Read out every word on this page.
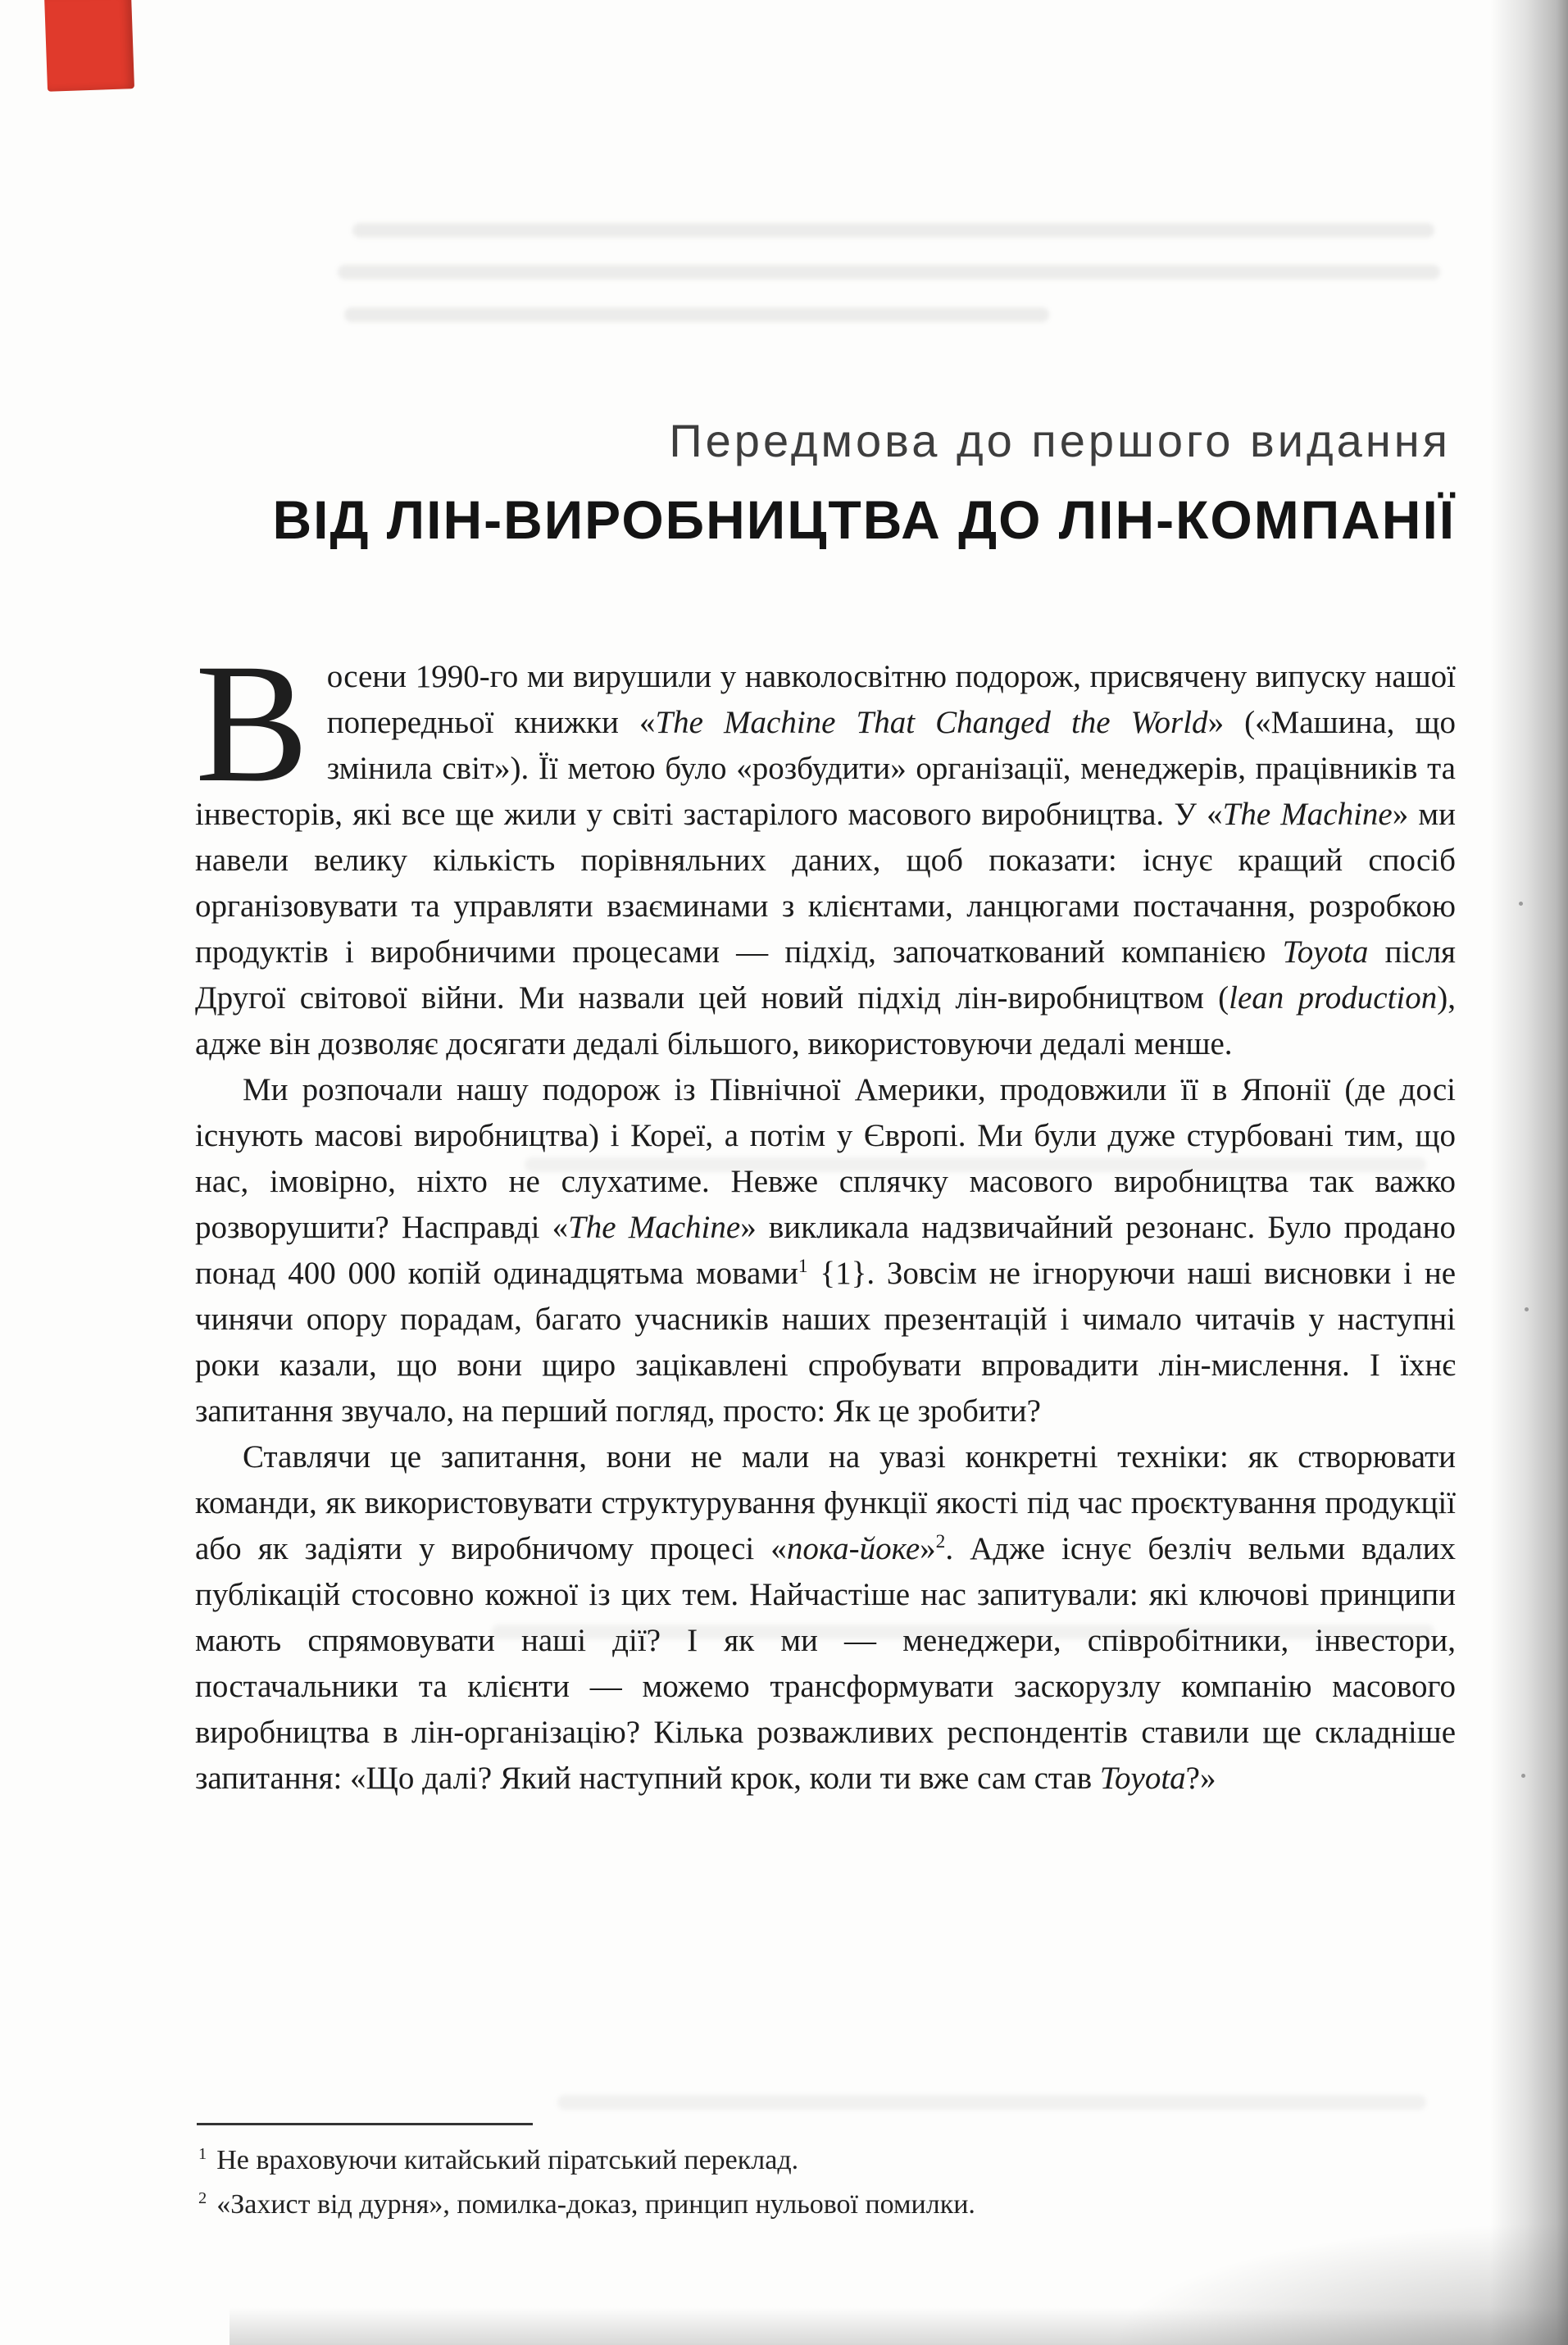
Передмова до першого видання
ВІД ЛІН-ВИРОБНИЦТВА ДО ЛІН-КОМПАНІЇ

Восени 1990-го ми вирушили у навколосвітню подорож, присвячену випуску нашої попередньої книжки «The Machine That Changed the World» («Машина, що змінила світ»). Її метою було «розбудити» організації, менеджерів, працівників та інвесторів, які все ще жили у світі застарілого масового виробництва. У «The Machine» ми навели велику кількість порівняльних даних, щоб показати: існує кращий спосіб організовувати та управляти взаєминами з клієнтами, ланцюгами постачання, розробкою продуктів і виробничими процесами — підхід, започаткований компанією Toyota після Другої світової війни. Ми назвали цей новий підхід лін-виробництвом (lean production), адже він дозволяє досягати дедалі більшого, використовуючи дедалі менше.

Ми розпочали нашу подорож із Північної Америки, продовжили її в Японії (де досі існують масові виробництва) і Кореї, а потім у Європі. Ми були дуже стурбовані тим, що нас, імовірно, ніхто не слухатиме. Невже сплячку масового виробництва так важко розворушити? Насправді «The Machine» викликала надзвичайний резонанс. Було продано понад 400 000 копій одинадцятьма мовами$^1$ {1}. Зовсім не ігноруючи наші висновки і не чинячи опору порадам, багато учасників наших презентацій і чимало читачів у наступні роки казали, що вони щиро зацікавлені спробувати впровадити лін-мислення. І їхнє запитання звучало, на перший погляд, просто: Як це зробити?

Ставлячи це запитання, вони не мали на увазі конкретні техніки: як створювати команди, як використовувати структурування функції якості під час проєктування продукції або як задіяти у виробничому процесі «пока-йоке»$^2$. Адже існує безліч вельми вдалих публікацій стосовно кожної із цих тем. Найчастіше нас запитували: які ключові принципи мають спрямовувати наші дії? І як ми — менеджери, співробітники, інвестори, постачальники та клієнти — можемо трансформувати заскорузлу компанію масового виробництва в лін-організацію? Кілька розважливих респондентів ставили ще складніше запитання: «Що далі? Який наступний крок, коли ти вже сам став Toyota?»

$^1$ Не враховуючи китайський піратський переклад.
$^2$ «Захист від дурня», помилка-доказ, принцип нульової помилки.
